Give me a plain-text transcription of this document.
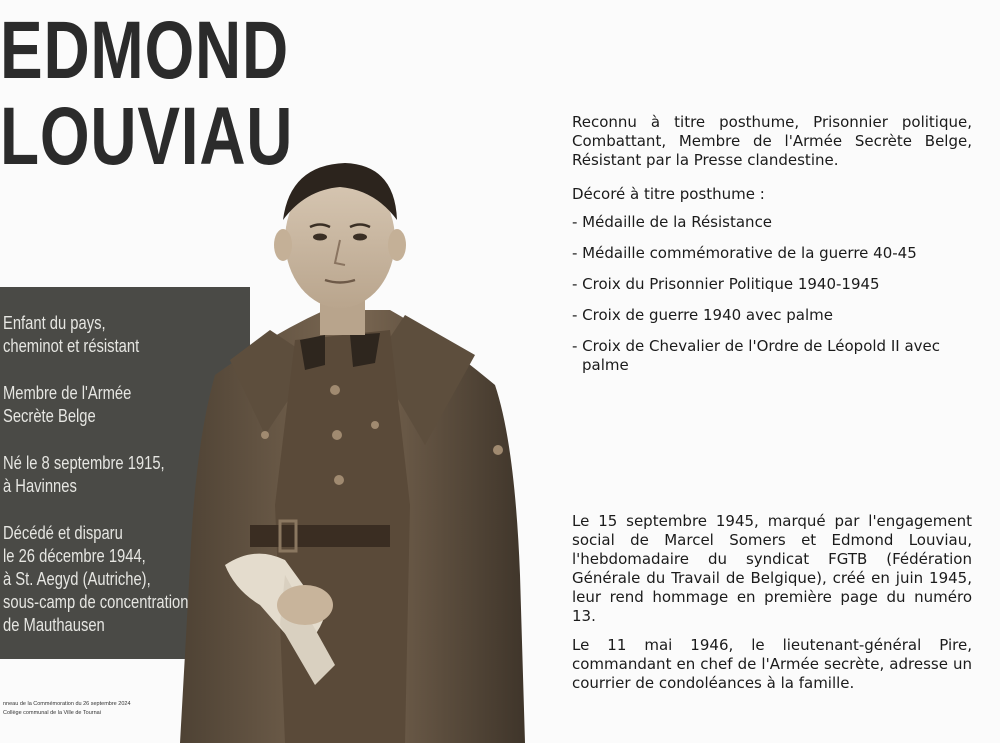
EDMOND
LOUVIAU

Enfant du pays,
cheminot et résistant

Membre de l'Armée
Secrète Belge

Né le 8 septembre 1915,
à Havinnes

Décédé et disparu
le 26 décembre 1944,
à St. Aegyd (Autriche),
sous-camp de concentration
de Mauthausen

nneau de la Commémoration du 26 septembre 2024
Collège communal de la Ville de Tournai

Reconnu à titre posthume, Prisonnier politique, Combattant, Membre de l'Armée Secrète Belge, Résistant par la Presse clandestine.

Décoré à titre posthume :
- Médaille de la Résistance
- Médaille commémorative de la guerre 40-45
- Croix du Prisonnier Politique 1940-1945
- Croix de guerre 1940 avec palme
- Croix de Chevalier de l'Ordre de Léopold II avec palme

Le 15 septembre 1945, marqué par l'engagement social de Marcel Somers et Edmond Louviau, l'hebdomadaire du syndicat FGTB (Fédération Générale du Travail de Belgique), créé en juin 1945, leur rend hommage en première page du numéro 13.

Le 11 mai 1946, le lieutenant-général Pire, commandant en chef de l'Armée secrète, adresse un courrier de condoléances à la famille.
